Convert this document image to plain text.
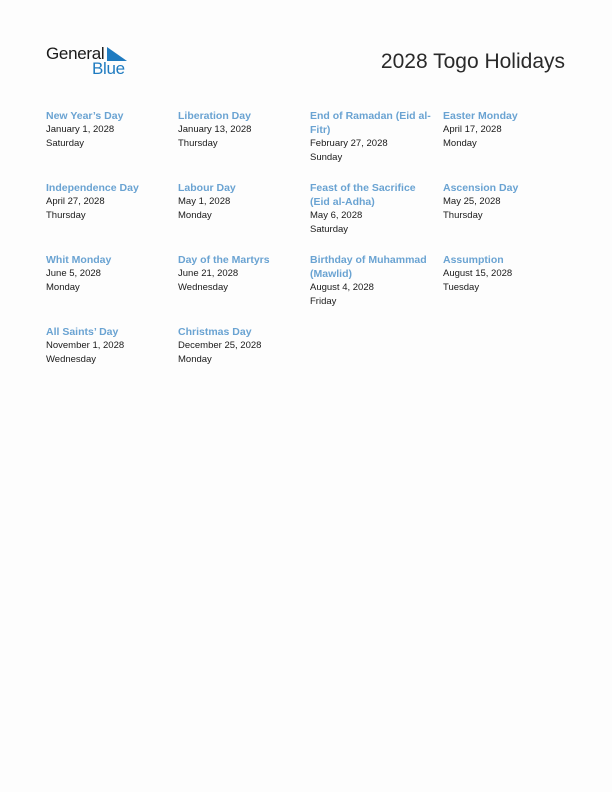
General
Blue	2028 Togo Holidays
New Year’s Day
January 1, 2028
Saturday
Liberation Day
January 13, 2028
Thursday
End of Ramadan (Eid al-Fitr)
February 27, 2028
Sunday
Easter Monday
April 17, 2028
Monday
Independence Day
April 27, 2028
Thursday
Labour Day
May 1, 2028
Monday
Feast of the Sacrifice (Eid al-Adha)
May 6, 2028
Saturday
Ascension Day
May 25, 2028
Thursday
Whit Monday
June 5, 2028
Monday
Day of the Martyrs
June 21, 2028
Wednesday
Birthday of Muhammad (Mawlid)
August 4, 2028
Friday
Assumption
August 15, 2028
Tuesday
All Saints’ Day
November 1, 2028
Wednesday
Christmas Day
December 25, 2028
Monday
